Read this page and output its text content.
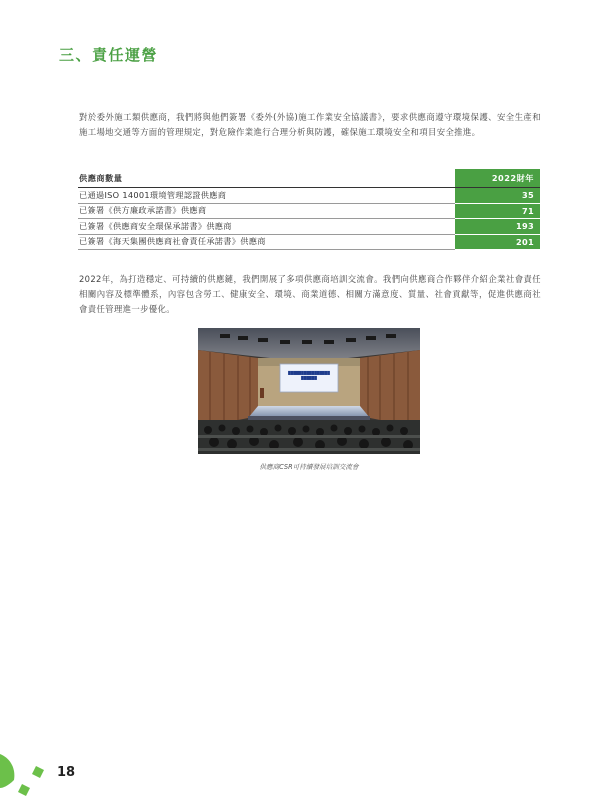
三、責任運營
對於委外施工類供應商，我們將與他們簽署《委外(外協)施工作業安全協議書》，要求供應商遵守環境保護、安全生產和施工場地交通等方面的管理規定，對危險作業進行合理分析與防護，確保施工環境安全和項目安全推進。
供應商數量	2022財年
已通過ISO 14001環境管理認證供應商	35
已簽署《供方廉政承諾書》供應商	71
已簽署《供應商安全環保承諾書》供應商	193
已簽署《海天集團供應商社會責任承諾書》供應商	201
2022年，為打造穩定、可持續的供應鏈，我們開展了多項供應商培訓交流會。我們向供應商合作夥伴介紹企業社會責任相關內容及標準體系，內容包含勞工、健康安全、環境、商業道德、相關方滿意度、質量、社會貢獻等，促進供應商社會責任管理進一步優化。
████████████████
██████
供應商CSR可持續發展培訓交流會
18
